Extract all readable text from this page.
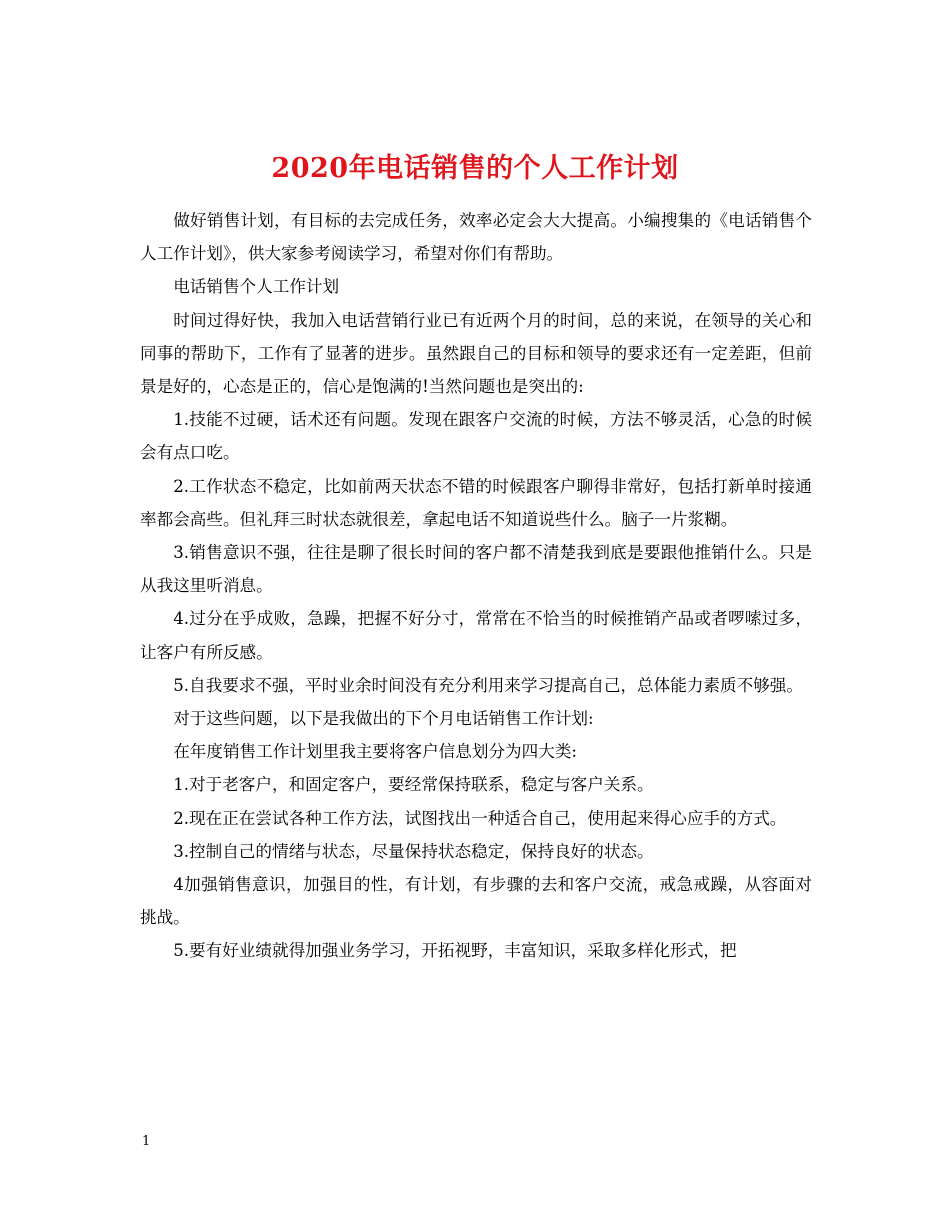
2020年电话销售的个人工作计划

做好销售计划，有目标的去完成任务，效率必定会大大提高。小编搜集的《电话销售个人工作计划》，供大家参考阅读学习，希望对你们有帮助。

电话销售个人工作计划

时间过得好快，我加入电话营销行业已有近两个月的时间，总的来说，在领导的关心和同事的帮助下，工作有了显著的进步。虽然跟自己的目标和领导的要求还有一定差距，但前景是好的，心态是正的，信心是饱满的!当然问题也是突出的:

1.技能不过硬，话术还有问题。发现在跟客户交流的时候，方法不够灵活，心急的时候会有点口吃。

2.工作状态不稳定，比如前两天状态不错的时候跟客户聊得非常好，包括打新单时接通率都会高些。但礼拜三时状态就很差，拿起电话不知道说些什么。脑子一片浆糊。

3.销售意识不强，往往是聊了很长时间的客户都不清楚我到底是要跟他推销什么。只是从我这里听消息。

4.过分在乎成败，急躁，把握不好分寸，常常在不恰当的时候推销产品或者啰嗦过多，让客户有所反感。

5.自我要求不强，平时业余时间没有充分利用来学习提高自己，总体能力素质不够强。

对于这些问题，以下是我做出的下个月电话销售工作计划:

在年度销售工作计划里我主要将客户信息划分为四大类:

1.对于老客户，和固定客户，要经常保持联系，稳定与客户关系。

2.现在正在尝试各种工作方法，试图找出一种适合自己，使用起来得心应手的方式。

3.控制自己的情绪与状态，尽量保持状态稳定，保持良好的状态。

4加强销售意识，加强目的性，有计划，有步骤的去和客户交流，戒急戒躁，从容面对挑战。

5.要有好业绩就得加强业务学习，开拓视野，丰富知识，采取多样化形式，把

1
